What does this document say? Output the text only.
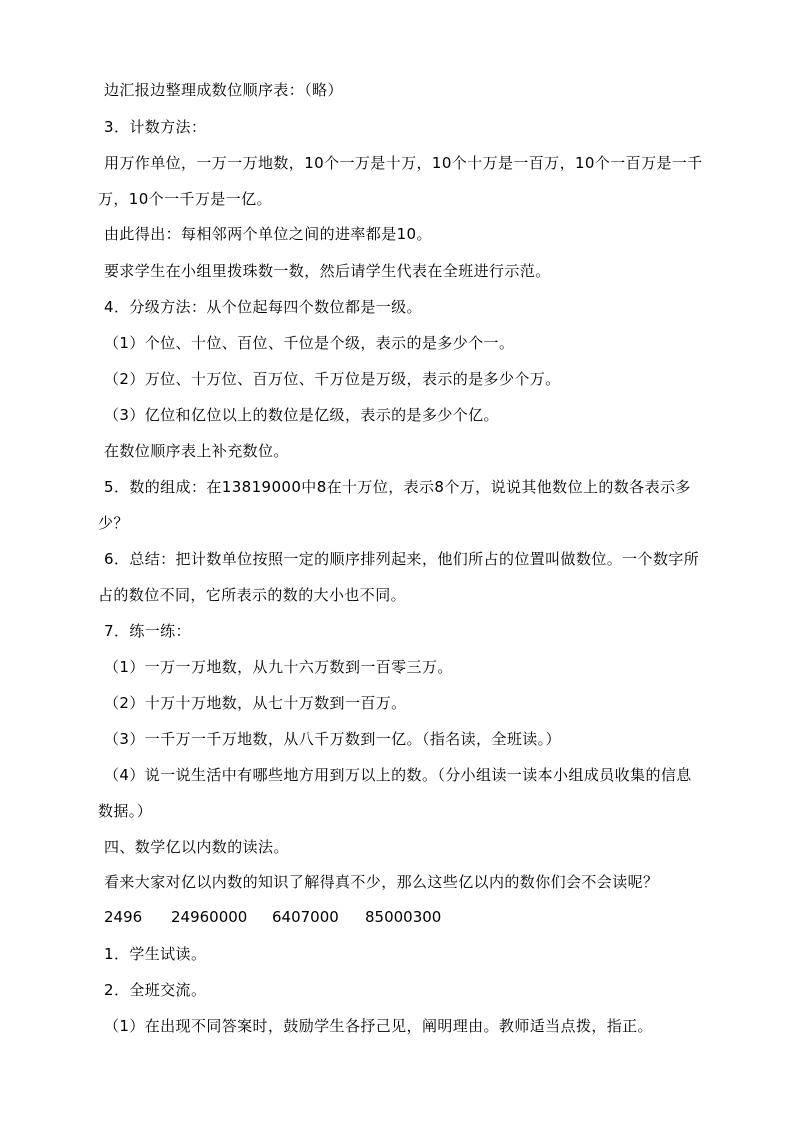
边汇报边整理成数位顺序表：（略）
3．计数方法：
用万作单位，一万一万地数，10个一万是十万，10个十万是一百万，10个一百万是一千
万，10个一千万是一亿。
由此得出：每相邻两个单位之间的进率都是10。
要求学生在小组里拨珠数一数，然后请学生代表在全班进行示范。
4．分级方法：从个位起每四个数位都是一级。
（1）个位、十位、百位、千位是个级，表示的是多少个一。
（2）万位、十万位、百万位、千万位是万级，表示的是多少个万。
（3）亿位和亿位以上的数位是亿级，表示的是多少个亿。
在数位顺序表上补充数位。
5．数的组成：在13819000中8在十万位，表示8个万，说说其他数位上的数各表示多
少？
6．总结：把计数单位按照一定的顺序排列起来，他们所占的位置叫做数位。一个数字所
占的数位不同，它所表示的数的大小也不同。
7．练一练：
（1）一万一万地数，从九十六万数到一百零三万。
（2）十万十万地数，从七十万数到一百万。
（3）一千万一千万地数，从八千万数到一亿。（指名读，全班读。）
（4）说一说生活中有哪些地方用到万以上的数。（分小组读一读本小组成员收集的信息
数据。）
四、数学亿以内数的读法。
看来大家对亿以内数的知识了解得真不少，那么这些亿以内的数你们会不会读呢？
2496 24960000 6407000 85000300
1．学生试读。
2．全班交流。
（1）在出现不同答案时，鼓励学生各抒己见，阐明理由。教师适当点拨，指正。
